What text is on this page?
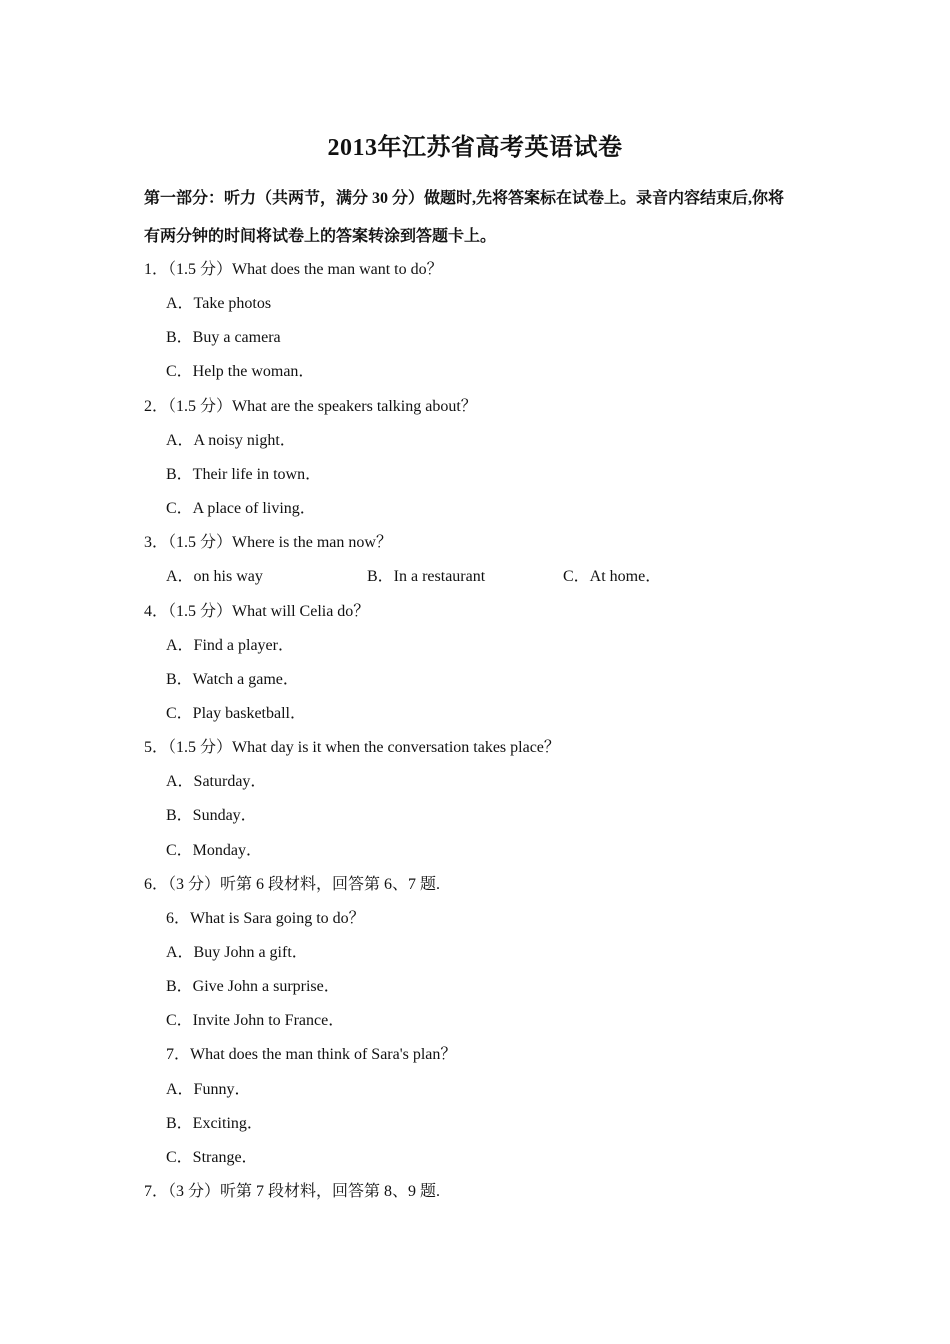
2013年江苏省高考英语试卷
第一部分：听力（共两节，满分 30 分）做题时,先将答案标在试卷上。录音内容结束后,你将
有两分钟的时间将试卷上的答案转涂到答题卡上。
1．（1.5 分）What does the man want to do？
A．Take photos
B．Buy a camera
C．Help the woman．
2．（1.5 分）What are the speakers talking about？
A．A noisy night．
B．Their life in town．
C．A place of living．
3．（1.5 分）Where is the man now？
A．on his way	B．In a restaurant	C．At home．
4．（1.5 分）What will Celia do？
A．Find a player．
B．Watch a game．
C．Play basketball．
5．（1.5 分）What day is it when the conversation takes place？
A．Saturday．
B．Sunday．
C．Monday．
6．（3 分）听第 6 段材料，回答第 6、7 题.
6．What is Sara going to do？
A．Buy John a gift．
B．Give John a surprise．
C．Invite John to France．
7．What does the man think of Sara's plan？
A．Funny．
B．Exciting．
C．Strange．
7．（3 分）听第 7 段材料，回答第 8、9 题.
